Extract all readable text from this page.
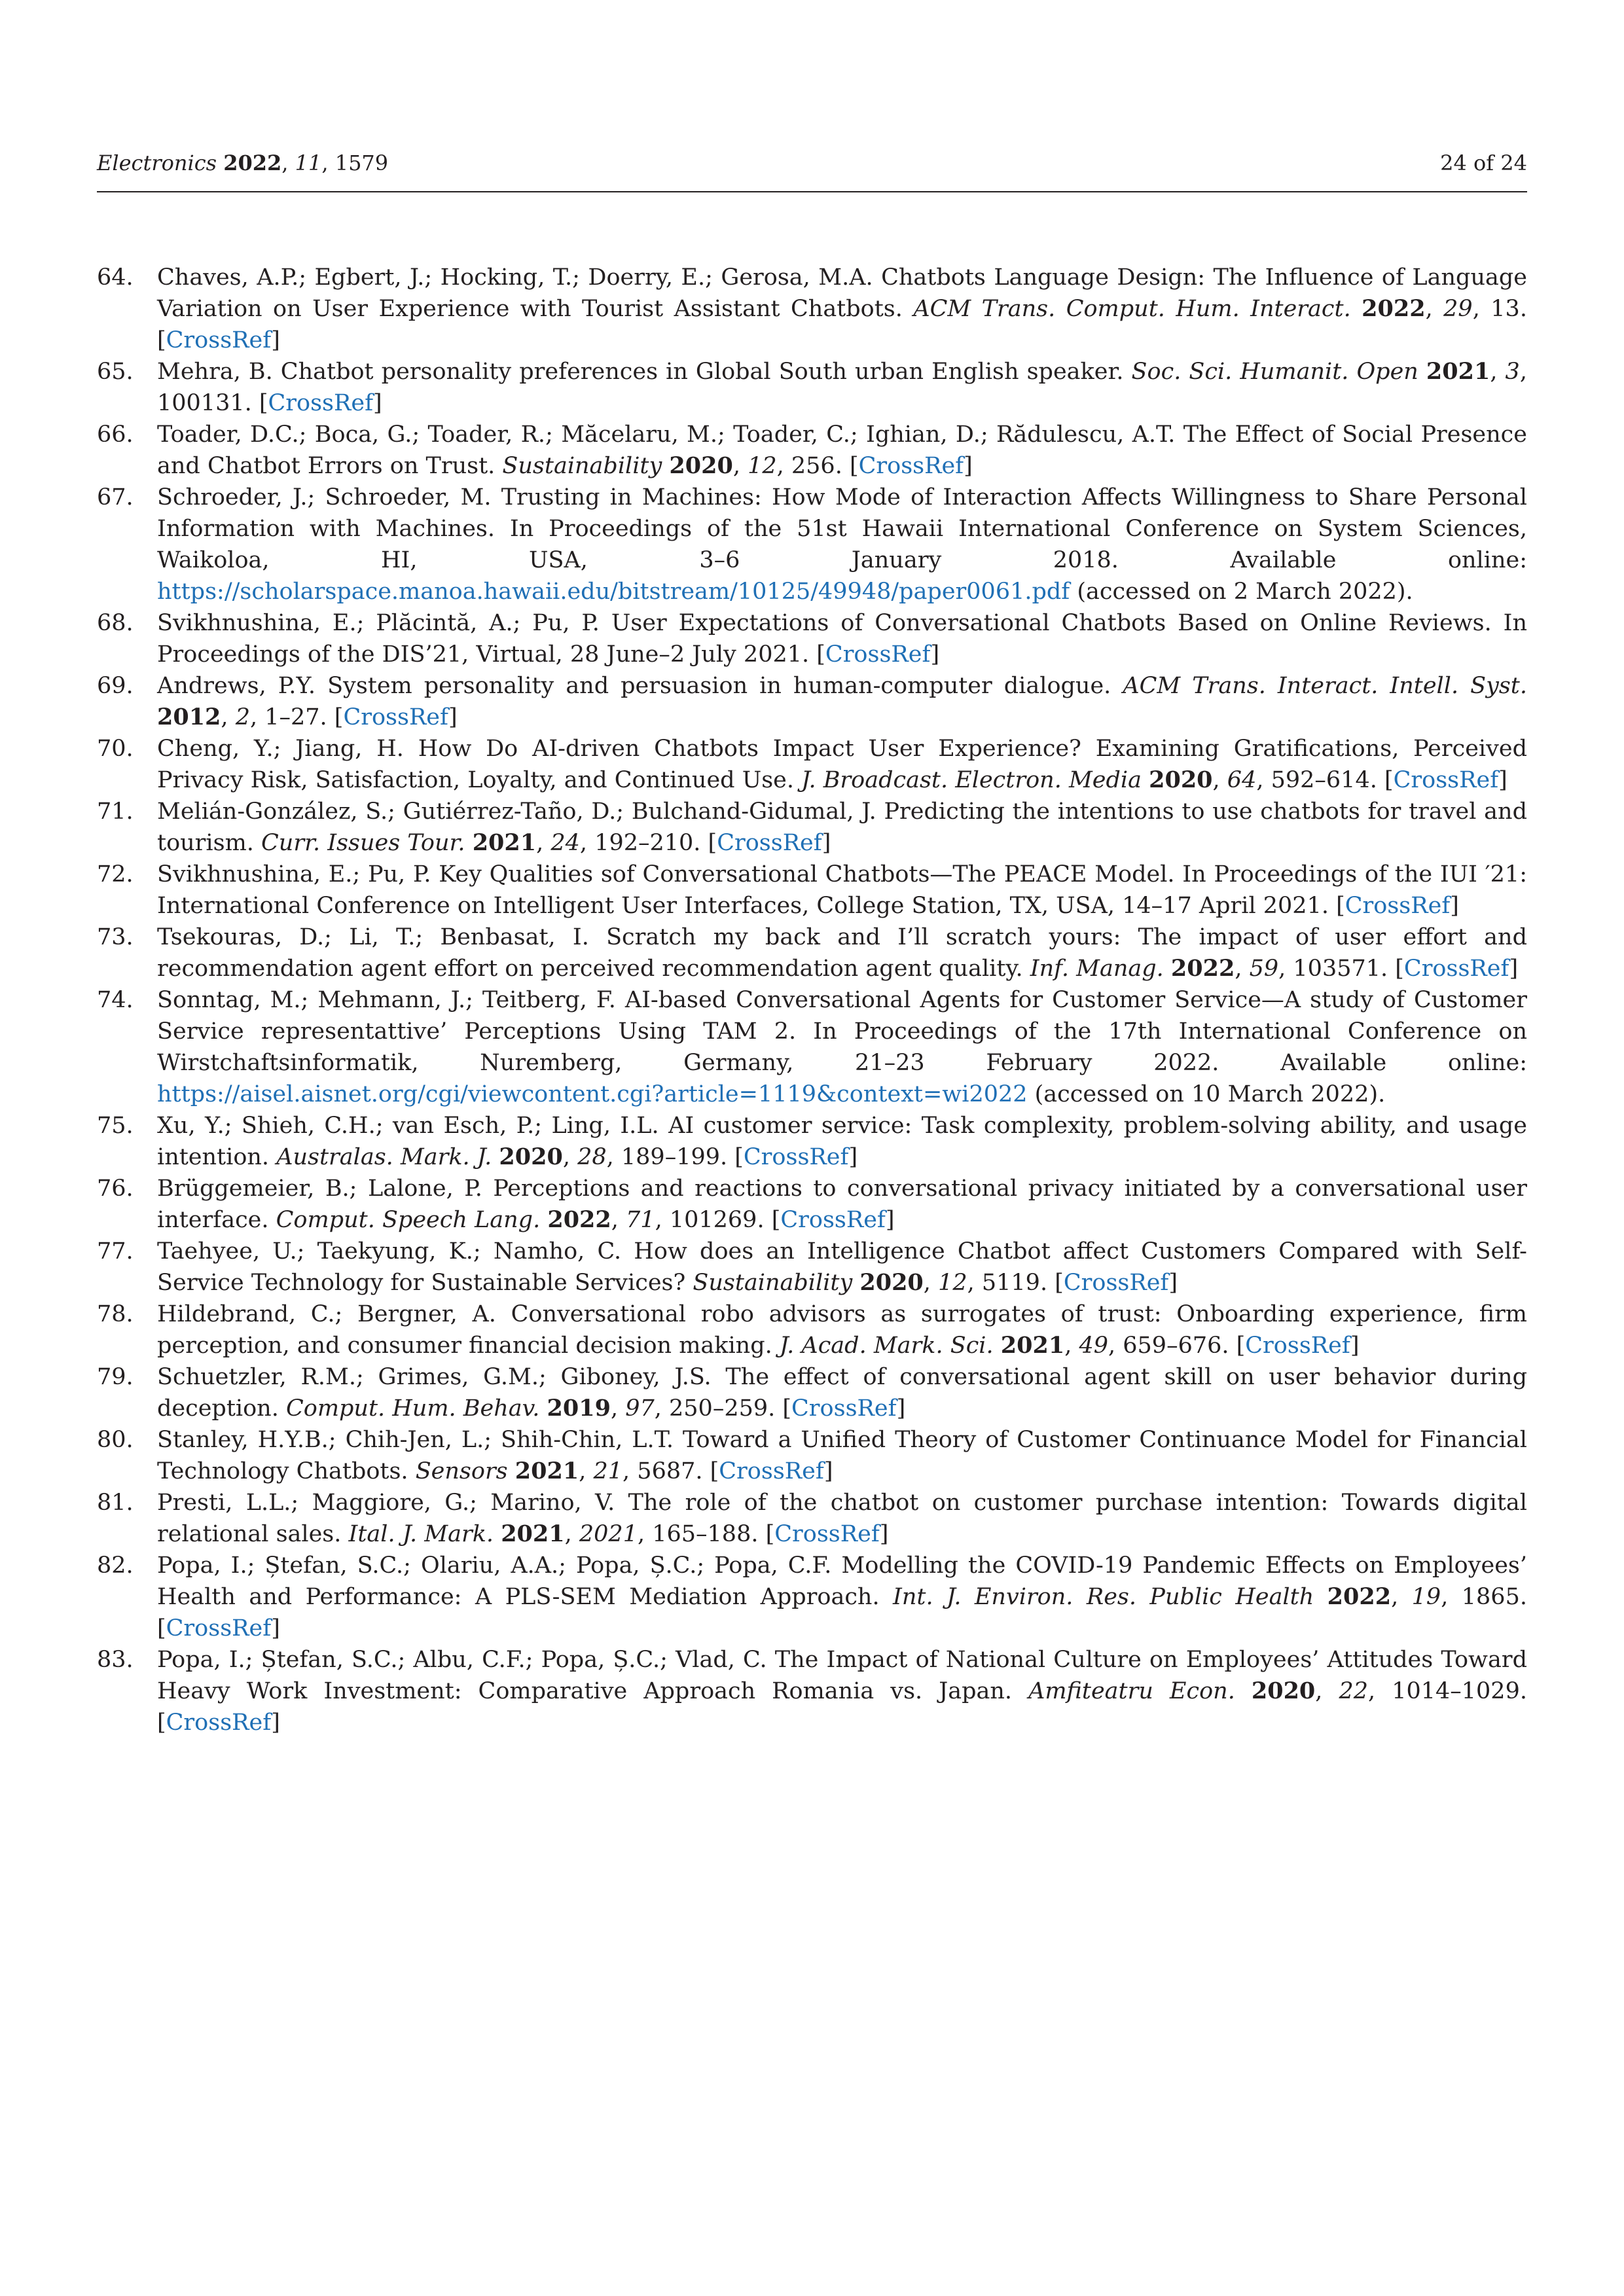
Electronics 2022, 11, 1579	24 of 24
64. Chaves, A.P.; Egbert, J.; Hocking, T.; Doerry, E.; Gerosa, M.A. Chatbots Language Design: The Influence of Language Variation on User Experience with Tourist Assistant Chatbots. ACM Trans. Comput. Hum. Interact. 2022, 29, 13. [CrossRef]
65. Mehra, B. Chatbot personality preferences in Global South urban English speaker. Soc. Sci. Humanit. Open 2021, 3, 100131. [CrossRef]
66. Toader, D.C.; Boca, G.; Toader, R.; Măcelaru, M.; Toader, C.; Ighian, D.; Rădulescu, A.T. The Effect of Social Presence and Chatbot Errors on Trust. Sustainability 2020, 12, 256. [CrossRef]
67. Schroeder, J.; Schroeder, M. Trusting in Machines: How Mode of Interaction Affects Willingness to Share Personal Information with Machines. In Proceedings of the 51st Hawaii International Conference on System Sciences, Waikoloa, HI, USA, 3–6 January 2018. Available online: https://scholarspace.manoa.hawaii.edu/bitstream/10125/49948/paper0061.pdf (accessed on 2 March 2022).
68. Svikhnushina, E.; Plăcintă, A.; Pu, P. User Expectations of Conversational Chatbots Based on Online Reviews. In Proceedings of the DIS’21, Virtual, 28 June–2 July 2021. [CrossRef]
69. Andrews, P.Y. System personality and persuasion in human-computer dialogue. ACM Trans. Interact. Intell. Syst. 2012, 2, 1–27. [CrossRef]
70. Cheng, Y.; Jiang, H. How Do AI-driven Chatbots Impact User Experience? Examining Gratifications, Perceived Privacy Risk, Satisfaction, Loyalty, and Continued Use. J. Broadcast. Electron. Media 2020, 64, 592–614. [CrossRef]
71. Melián-González, S.; Gutiérrez-Taño, D.; Bulchand-Gidumal, J. Predicting the intentions to use chatbots for travel and tourism. Curr. Issues Tour. 2021, 24, 192–210. [CrossRef]
72. Svikhnushina, E.; Pu, P. Key Qualities sof Conversational Chatbots—The PEACE Model. In Proceedings of the IUI ′21: International Conference on Intelligent User Interfaces, College Station, TX, USA, 14–17 April 2021. [CrossRef]
73. Tsekouras, D.; Li, T.; Benbasat, I. Scratch my back and I’ll scratch yours: The impact of user effort and recommendation agent effort on perceived recommendation agent quality. Inf. Manag. 2022, 59, 103571. [CrossRef]
74. Sonntag, M.; Mehmann, J.; Teitberg, F. AI-based Conversational Agents for Customer Service—A study of Customer Service representattive’ Perceptions Using TAM 2. In Proceedings of the 17th International Conference on Wirstchaftsinformatik, Nuremberg, Germany, 21–23 February 2022. Available online: https://aisel.aisnet.org/cgi/viewcontent.cgi?article=1119&context=wi2022 (accessed on 10 March 2022).
75. Xu, Y.; Shieh, C.H.; van Esch, P.; Ling, I.L. AI customer service: Task complexity, problem-solving ability, and usage intention. Australas. Mark. J. 2020, 28, 189–199. [CrossRef]
76. Brüggemeier, B.; Lalone, P. Perceptions and reactions to conversational privacy initiated by a conversational user interface. Comput. Speech Lang. 2022, 71, 101269. [CrossRef]
77. Taehyee, U.; Taekyung, K.; Namho, C. How does an Intelligence Chatbot affect Customers Compared with Self-Service Technology for Sustainable Services? Sustainability 2020, 12, 5119. [CrossRef]
78. Hildebrand, C.; Bergner, A. Conversational robo advisors as surrogates of trust: Onboarding experience, firm perception, and consumer financial decision making. J. Acad. Mark. Sci. 2021, 49, 659–676. [CrossRef]
79. Schuetzler, R.M.; Grimes, G.M.; Giboney, J.S. The effect of conversational agent skill on user behavior during deception. Comput. Hum. Behav. 2019, 97, 250–259. [CrossRef]
80. Stanley, H.Y.B.; Chih-Jen, L.; Shih-Chin, L.T. Toward a Unified Theory of Customer Continuance Model for Financial Technology Chatbots. Sensors 2021, 21, 5687. [CrossRef]
81. Presti, L.L.; Maggiore, G.; Marino, V. The role of the chatbot on customer purchase intention: Towards digital relational sales. Ital. J. Mark. 2021, 2021, 165–188. [CrossRef]
82. Popa, I.; Ștefan, S.C.; Olariu, A.A.; Popa, Ș.C.; Popa, C.F. Modelling the COVID-19 Pandemic Effects on Employees’ Health and Performance: A PLS-SEM Mediation Approach. Int. J. Environ. Res. Public Health 2022, 19, 1865. [CrossRef]
83. Popa, I.; Ștefan, S.C.; Albu, C.F.; Popa, Ș.C.; Vlad, C. The Impact of National Culture on Employees’ Attitudes Toward Heavy Work Investment: Comparative Approach Romania vs. Japan. Amfiteatru Econ. 2020, 22, 1014–1029. [CrossRef]
